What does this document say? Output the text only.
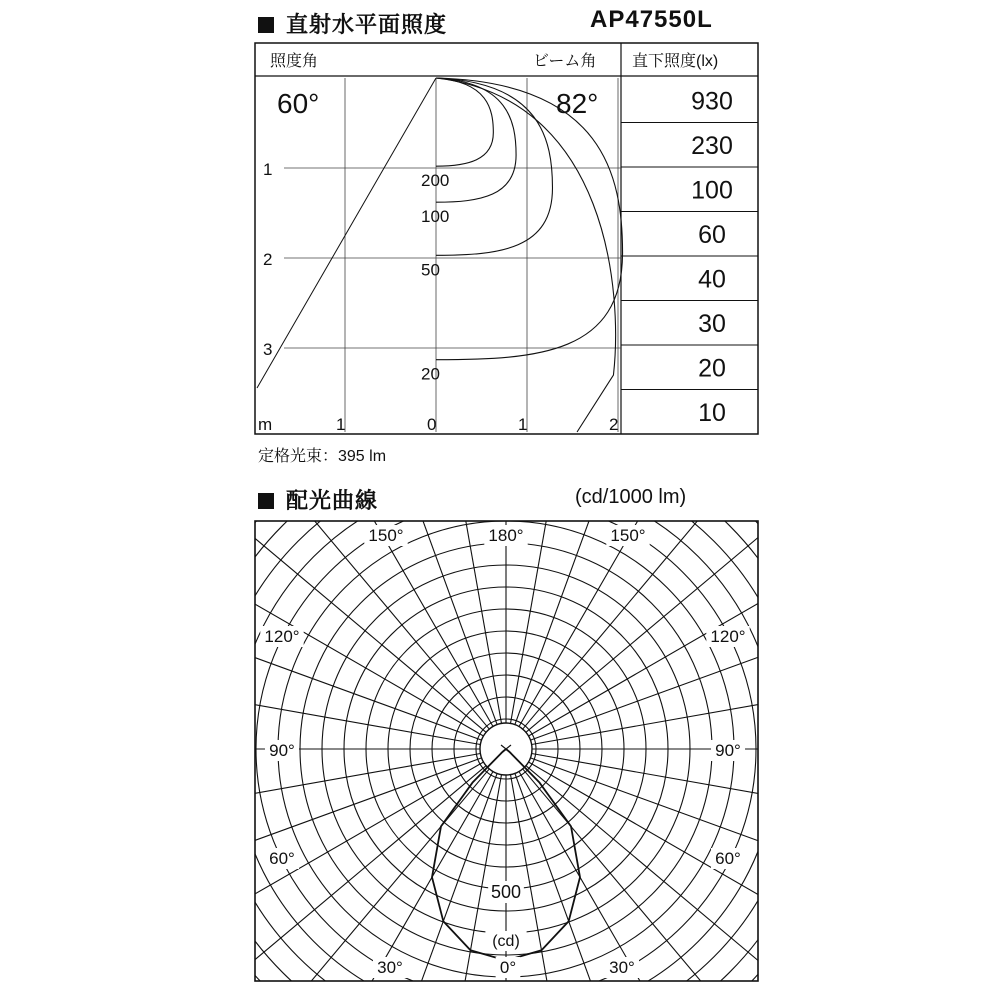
直射水平面照度	AP47550L
照度角	ビーム角 直下照度(lx)
60°	82°
1
2
3
m	1	0	1	2
200
100
50
20
930
230
100
60
40
30
20
10
定格光束：395 lm
配光曲線	(cd/1000 lm)
150°	180°	150°
120°	120°
90°	90°
60°	60°
30°	0°	30°
500
(cd)
